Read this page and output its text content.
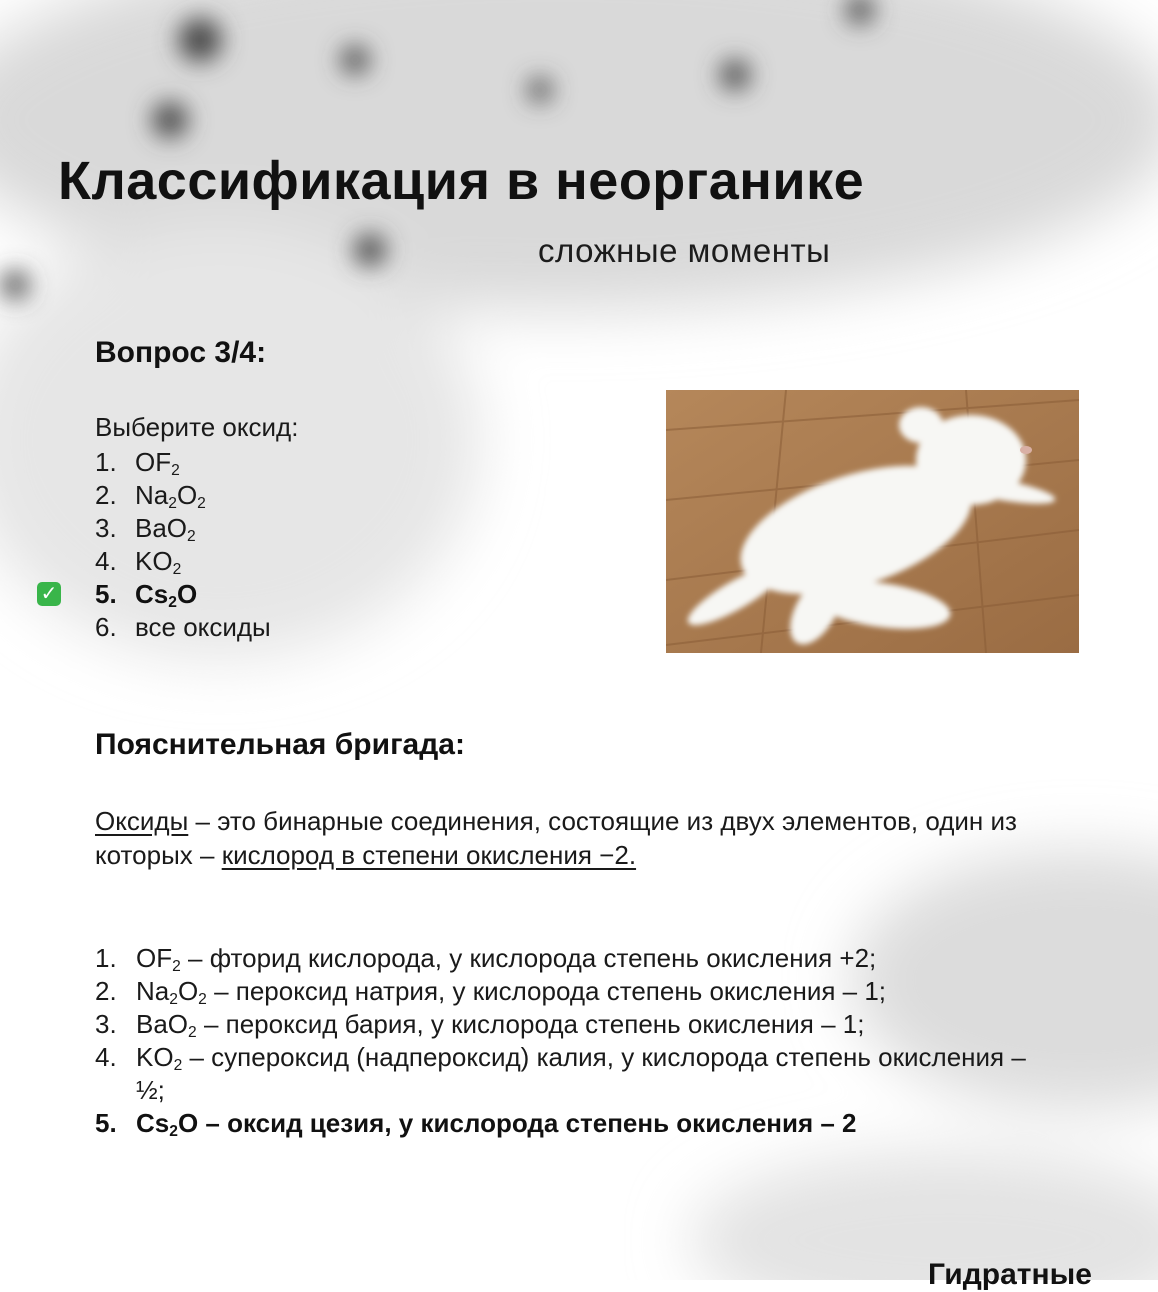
Классификация в неорганике
сложные моменты
Вопрос 3/4:
Выберите оксид:
1. $OF_2$
2. $Na_2O_2$
3. BaO$_2$
4. $KO_2$
✓ 5. $Cs_2O$
6. все оксиды
Пояснительная бригада:
Оксиды – это бинарные соединения, состоящие из двух элементов, один из которых – кислород в степени окисления −2.
1. $OF_2$ – фторид кислорода, у кислорода степень окисления +2;
2. $Na_2O_2$ – пероксид натрия, у кислорода степень окисления – 1;
3. BaO$_2$ – пероксид бария, у кислорода степень окисления – 1;
4. $KO_2$ – супероксид (надпероксид) калия, у кислорода степень окисления – ½;
5. $Cs_2O$ – оксид цезия, у кислорода степень окисления – 2
Гидратные
